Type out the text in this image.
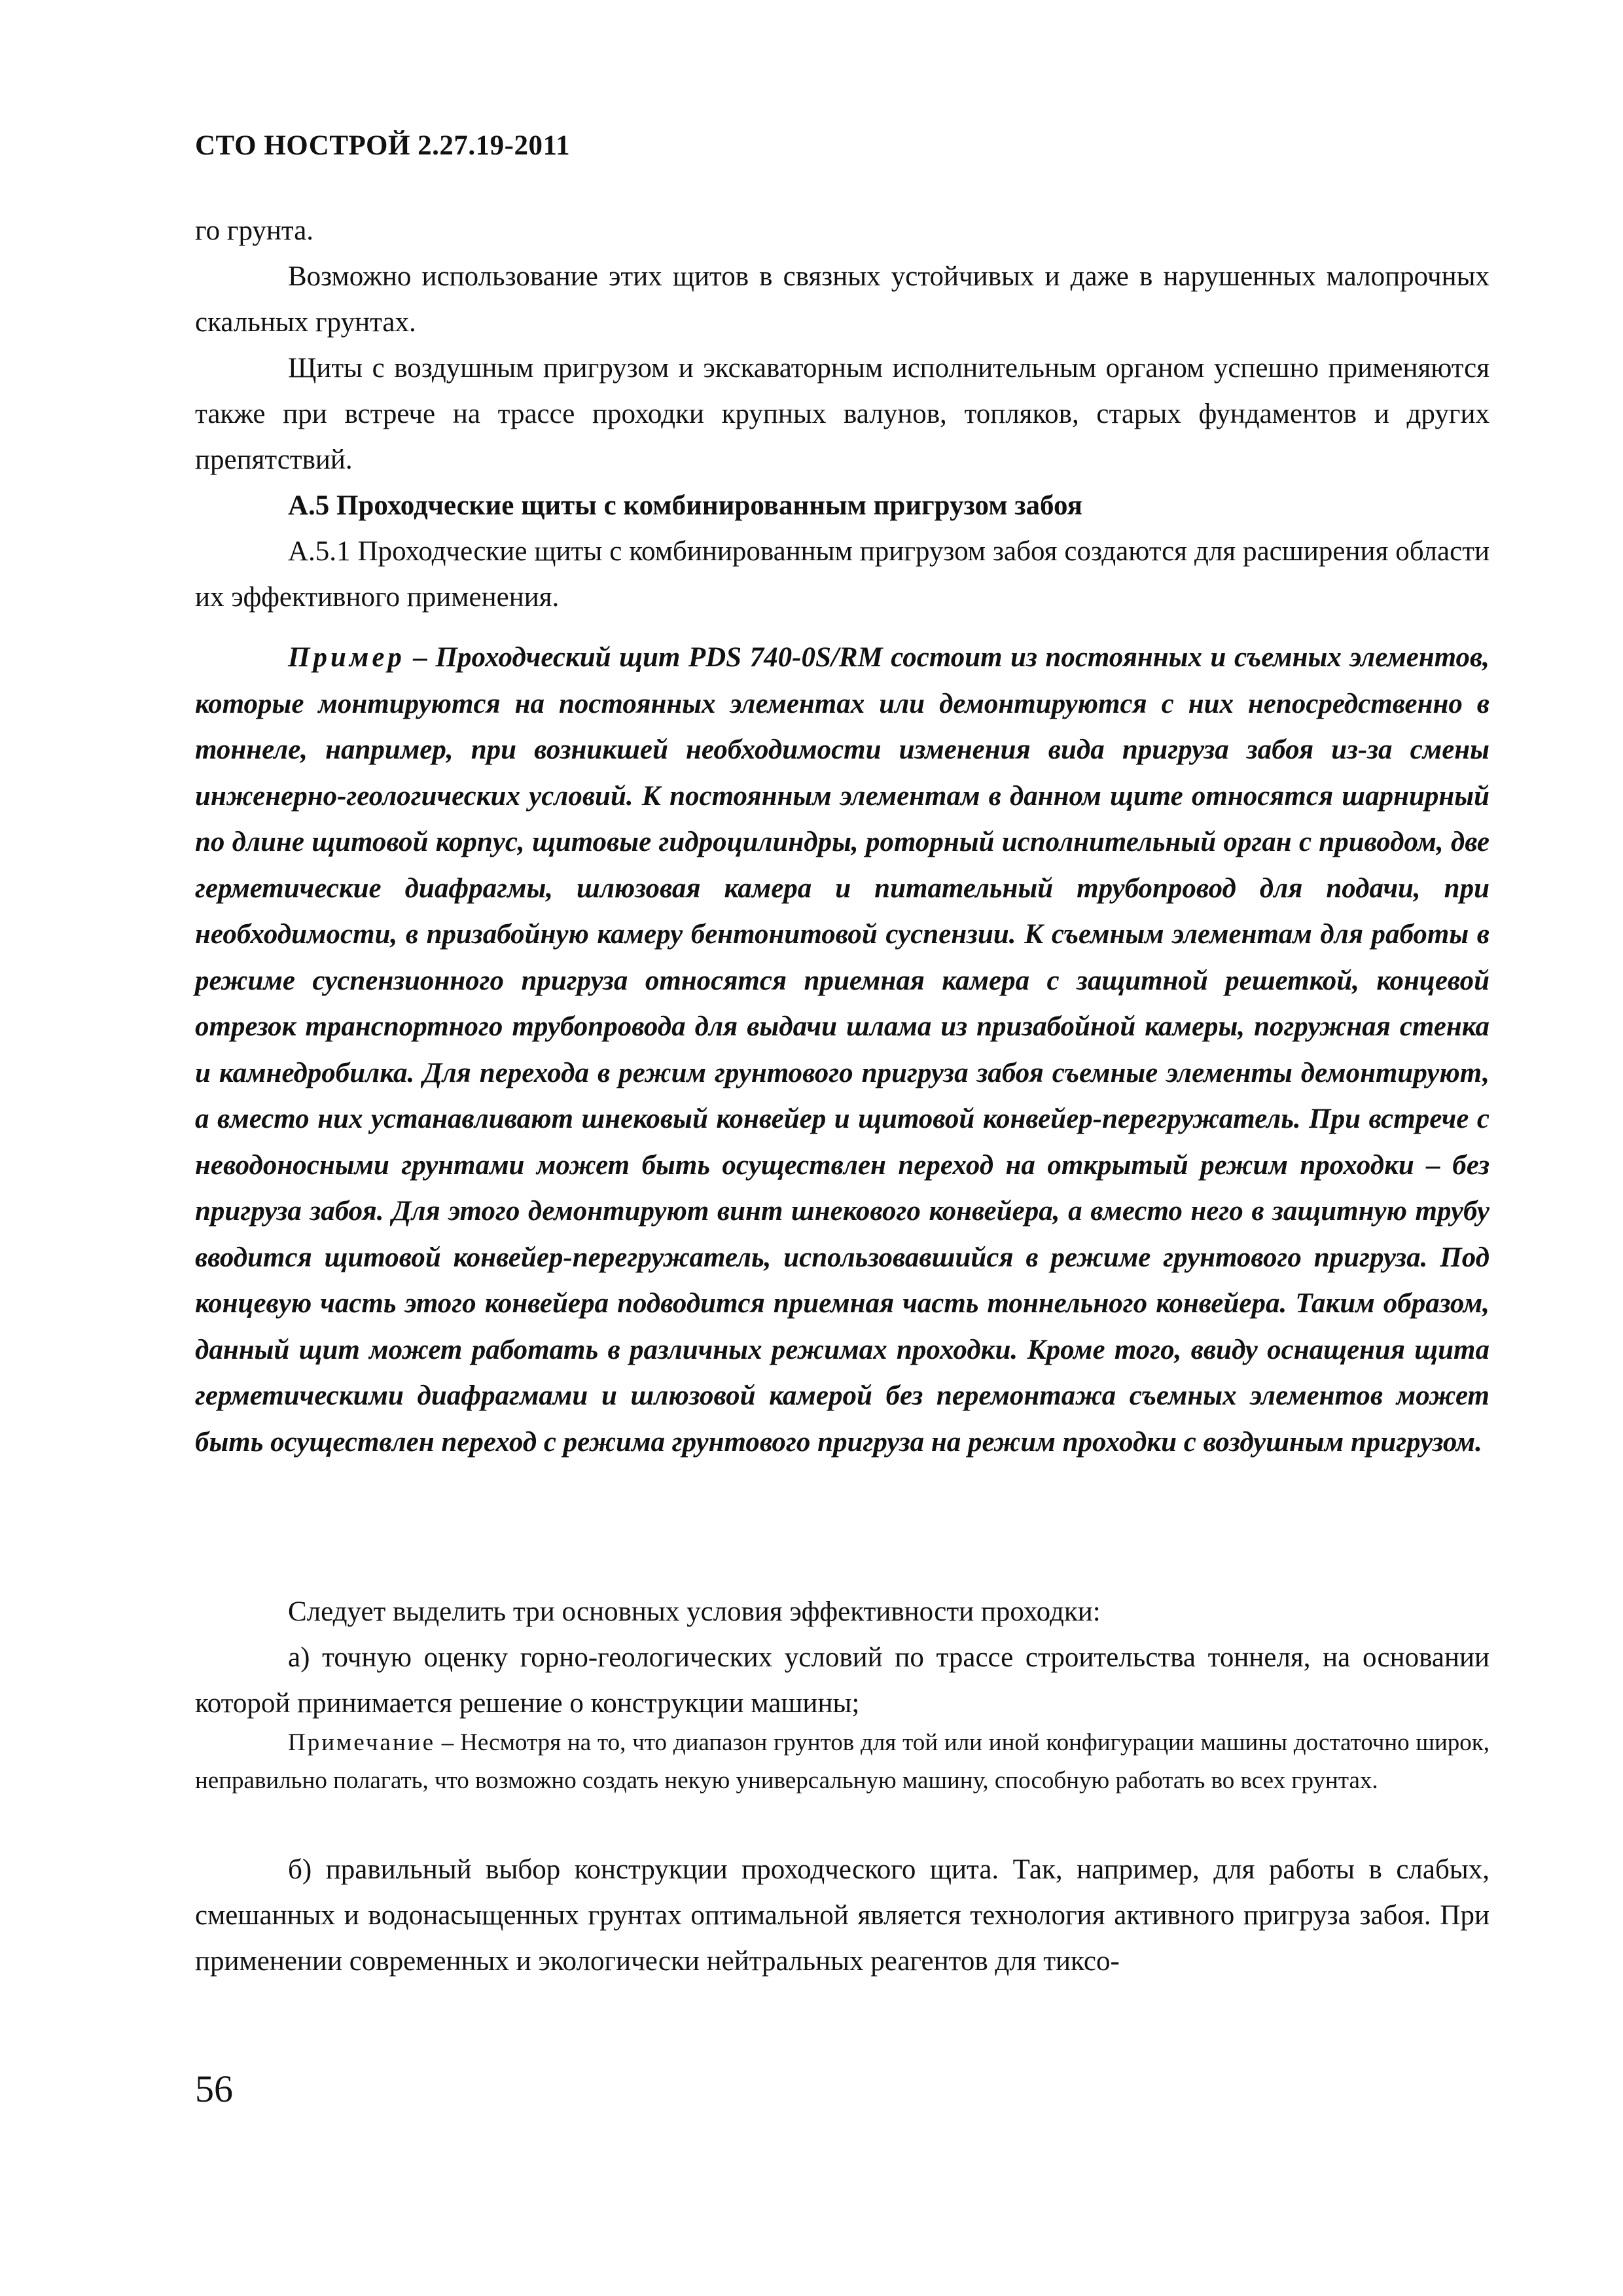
СТО НОСТРОЙ 2.27.19-2011

го грунта.

Возможно использование этих щитов в связных устойчивых и даже в нарушенных малопрочных скальных грунтах.

Щиты с воздушным пригрузом и экскаваторным исполнительным органом успешно применяются также при встрече на трассе проходки крупных валунов, топляков, старых фундаментов и других препятствий.

А.5 Проходческие щиты с комбинированным пригрузом забоя

А.5.1 Проходческие щиты с комбинированным пригрузом забоя создаются для расширения области их эффективного применения.

Пример – Проходческий щит PDS 740-0S/RM состоит из постоянных и съемных элементов, которые монтируются на постоянных элементах или демонтируются с них непосредственно в тоннеле, например, при возникшей необходимости изменения вида пригруза забоя из-за смены инженерно-геологических условий. К постоянным элементам в данном щите относятся шарнирный по длине щитовой корпус, щитовые гидроцилиндры, роторный исполнительный орган с приводом, две герметические диафрагмы, шлюзовая камера и питательный трубопровод для подачи, при необходимости, в призабойную камеру бентонитовой суспензии. К съемным элементам для работы в режиме суспензионного пригруза относятся приемная камера с защитной решеткой, концевой отрезок транспортного трубопровода для выдачи шлама из призабойной камеры, погружная стенка и камнедробилка. Для перехода в режим грунтового пригруза забоя съемные элементы демонтируют, а вместо них устанавливают шнековый конвейер и щитовой конвейер-перегружатель. При встрече с неводоносными грунтами может быть осуществлен переход на открытый режим проходки – без пригруза забоя. Для этого демонтируют винт шнекового конвейера, а вместо него в защитную трубу вводится щитовой конвейер-перегружатель, использовавшийся в режиме грунтового пригруза. Под концевую часть этого конвейера подводится приемная часть тоннельного конвейера. Таким образом, данный щит может работать в различных режимах проходки. Кроме того, ввиду оснащения щита герметическими диафрагмами и шлюзовой камерой без перемонтажа съемных элементов может быть осуществлен переход с режима грунтового пригруза на режим проходки с воздушным пригрузом.

Следует выделить три основных условия эффективности проходки:

а) точную оценку горно-геологических условий по трассе строительства тоннеля, на основании которой принимается решение о конструкции машины;

Примечание – Несмотря на то, что диапазон грунтов для той или иной конфигурации машины достаточно широк, неправильно полагать, что возможно создать некую универсальную машину, способную работать во всех грунтах.

б) правильный выбор конструкции проходческого щита. Так, например, для работы в слабых, смешанных и водонасыщенных грунтах оптимальной является технология активного пригруза забоя. При применении современных и экологически нейтральных реагентов для тиксо-

56
